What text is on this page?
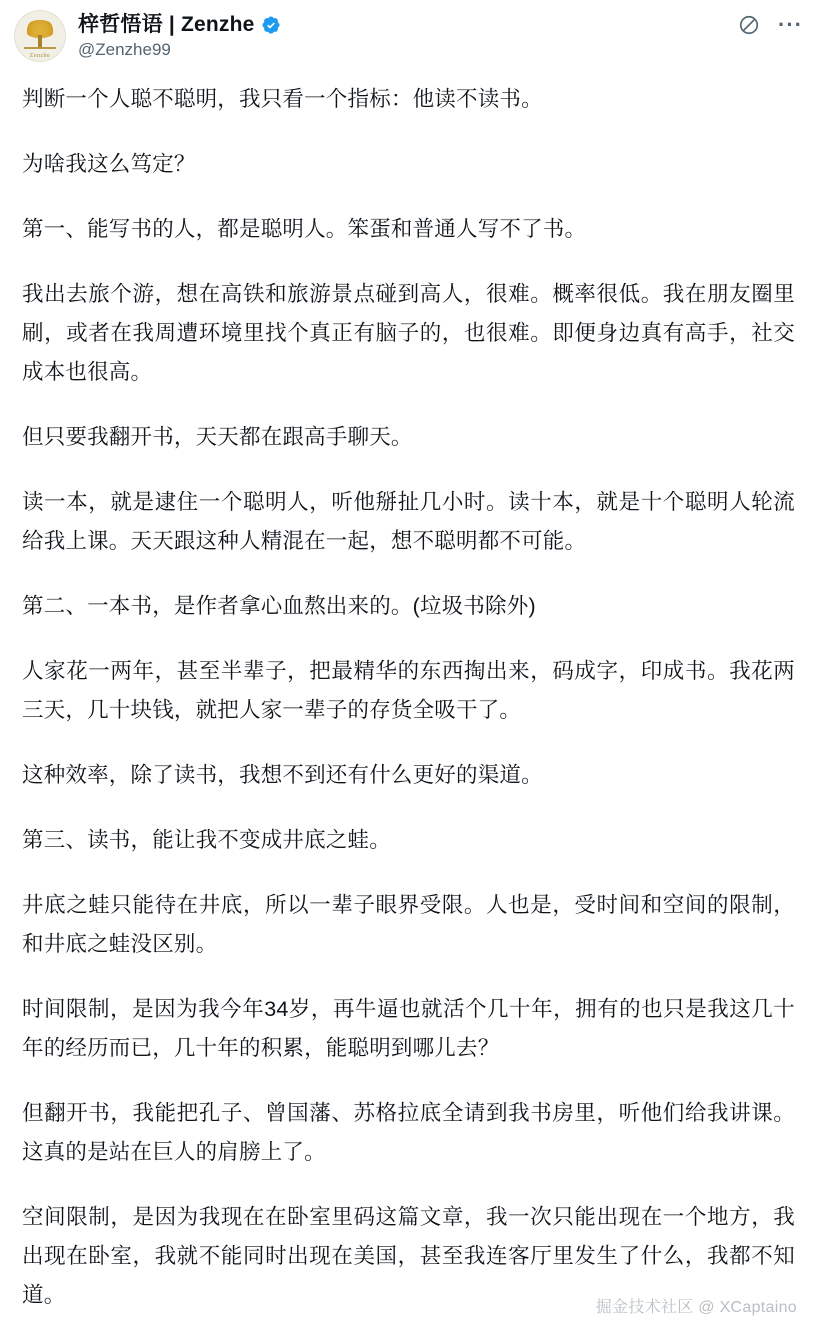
Zenzhe
梓哲悟语 | Zenzhe
@Zenzhe99
···

判断一个人聪不聪明，我只看一个指标：他读不读书。

为啥我这么笃定？

第一、能写书的人，都是聪明人。笨蛋和普通人写不了书。

我出去旅个游，想在高铁和旅游景点碰到高人，很难。概率很低。我在朋友圈里刷，或者在我周遭环境里找个真正有脑子的，也很难。即便身边真有高手，社交成本也很高。

但只要我翻开书，天天都在跟高手聊天。

读一本，就是逮住一个聪明人，听他掰扯几小时。读十本，就是十个聪明人轮流给我上课。天天跟这种人精混在一起，想不聪明都不可能。

第二、一本书，是作者拿心血熬出来的。(垃圾书除外)

人家花一两年，甚至半辈子，把最精华的东西掏出来，码成字，印成书。我花两三天，几十块钱，就把人家一辈子的存货全吸干了。

这种效率，除了读书，我想不到还有什么更好的渠道。

第三、读书，能让我不变成井底之蛙。

井底之蛙只能待在井底，所以一辈子眼界受限。人也是，受时间和空间的限制，和井底之蛙没区别。

时间限制，是因为我今年34岁，再牛逼也就活个几十年，拥有的也只是我这几十年的经历而已，几十年的积累，能聪明到哪儿去？

但翻开书，我能把孔子、曾国藩、苏格拉底全请到我书房里，听他们给我讲课。这真的是站在巨人的肩膀上了。

空间限制，是因为我现在在卧室里码这篇文章，我一次只能出现在一个地方，我出现在卧室，我就不能同时出现在美国，甚至我连客厅里发生了什么，我都不知道。

掘金技术社区 @ XCaptaino
